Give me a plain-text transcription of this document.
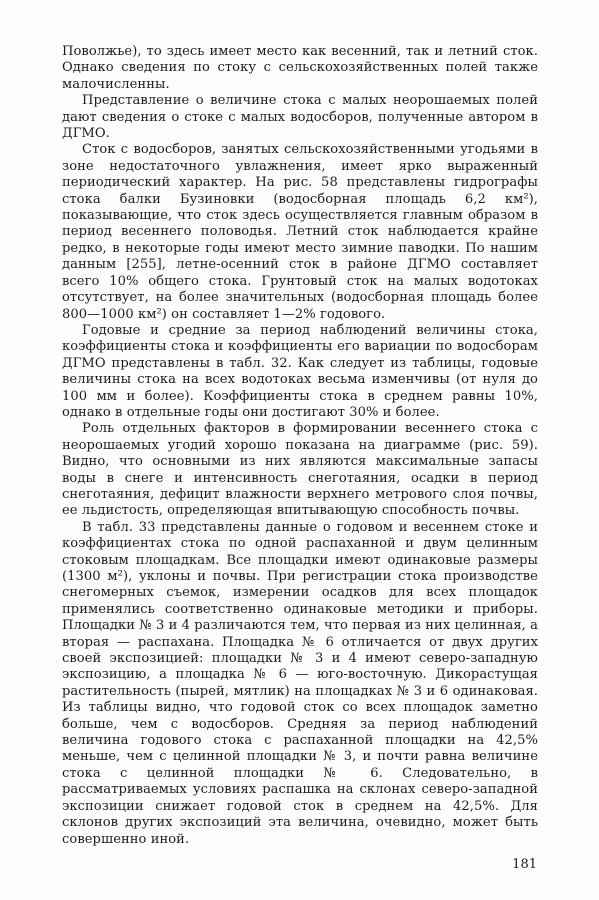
Поволжье), то здесь имеет место как весенний, так и летний сток. Однако сведения по стоку с сельскохозяйственных полей также малочисленны.

Представление о величине стока с малых неорошаемых полей дают сведения о стоке с малых водосборов, полученные автором в ДГМО.

Сток с водосборов, занятых сельскохозяйственными угодьями в зоне недостаточного увлажнения, имеет ярко выраженный периодический характер. На рис. 58 представлены гидрографы стока балки Бузиновки (водосборная площадь 6,2 км²), показывающие, что сток здесь осуществляется главным образом в период весеннего половодья. Летний сток наблюдается крайне редко, в некоторые годы имеют место зимние паводки. По нашим данным [255], летне-осенний сток в районе ДГМО составляет всего 10% общего стока. Грунтовый сток на малых водотоках отсутствует, на более значительных (водосборная площадь более 800—1000 км²) он составляет 1—2% годового.

Годовые и средние за период наблюдений величины стока, коэффициенты стока и коэффициенты его вариации по водосборам ДГМО представлены в табл. 32. Как следует из таблицы, годовые величины стока на всех водотоках весьма изменчивы (от нуля до 100 мм и более). Коэффициенты стока в среднем равны 10%, однако в отдельные годы они достигают 30% и более.

Роль отдельных факторов в формировании весеннего стока с неорошаемых угодий хорошо показана на диаграмме (рис. 59). Видно, что основными из них являются максимальные запасы воды в снеге и интенсивность снеготаяния, осадки в период снеготаяния, дефицит влажности верхнего метрового слоя почвы, ее льдистость, определяющая впитывающую способность почвы.

В табл. 33 представлены данные о годовом и весеннем стоке и коэффициентах стока по одной распаханной и двум целинным стоковым площадкам. Все площадки имеют одинаковые размеры (1300 м²), уклоны и почвы. При регистрации стока производстве снегомерных съемок, измерении осадков для всех площадок применялись соответственно одинаковые методики и приборы. Площадки № 3 и 4 различаются тем, что первая из них целинная, а вторая — распахана. Площадка № 6 отличается от двух других своей экспозицией: площадки № 3 и 4 имеют северо-западную экспозицию, а площадка № 6 — юго-восточную. Дикорастущая растительность (пырей, мятлик) на площадках № 3 и 6 одинаковая. Из таблицы видно, что годовой сток со всех площадок заметно больше, чем с водосборов. Средняя за период наблюдений величина годового стока с распаханной площадки на 42,5% меньше, чем с целинной площадки № 3, и почти равна величине стока с целинной площадки № 6. Следовательно, в рассматриваемых условиях распашка на склонах северо-западной экспозиции снижает годовой сток в среднем на 42,5%. Для склонов других экспозиций эта величина, очевидно, может быть совершенно иной.

181
